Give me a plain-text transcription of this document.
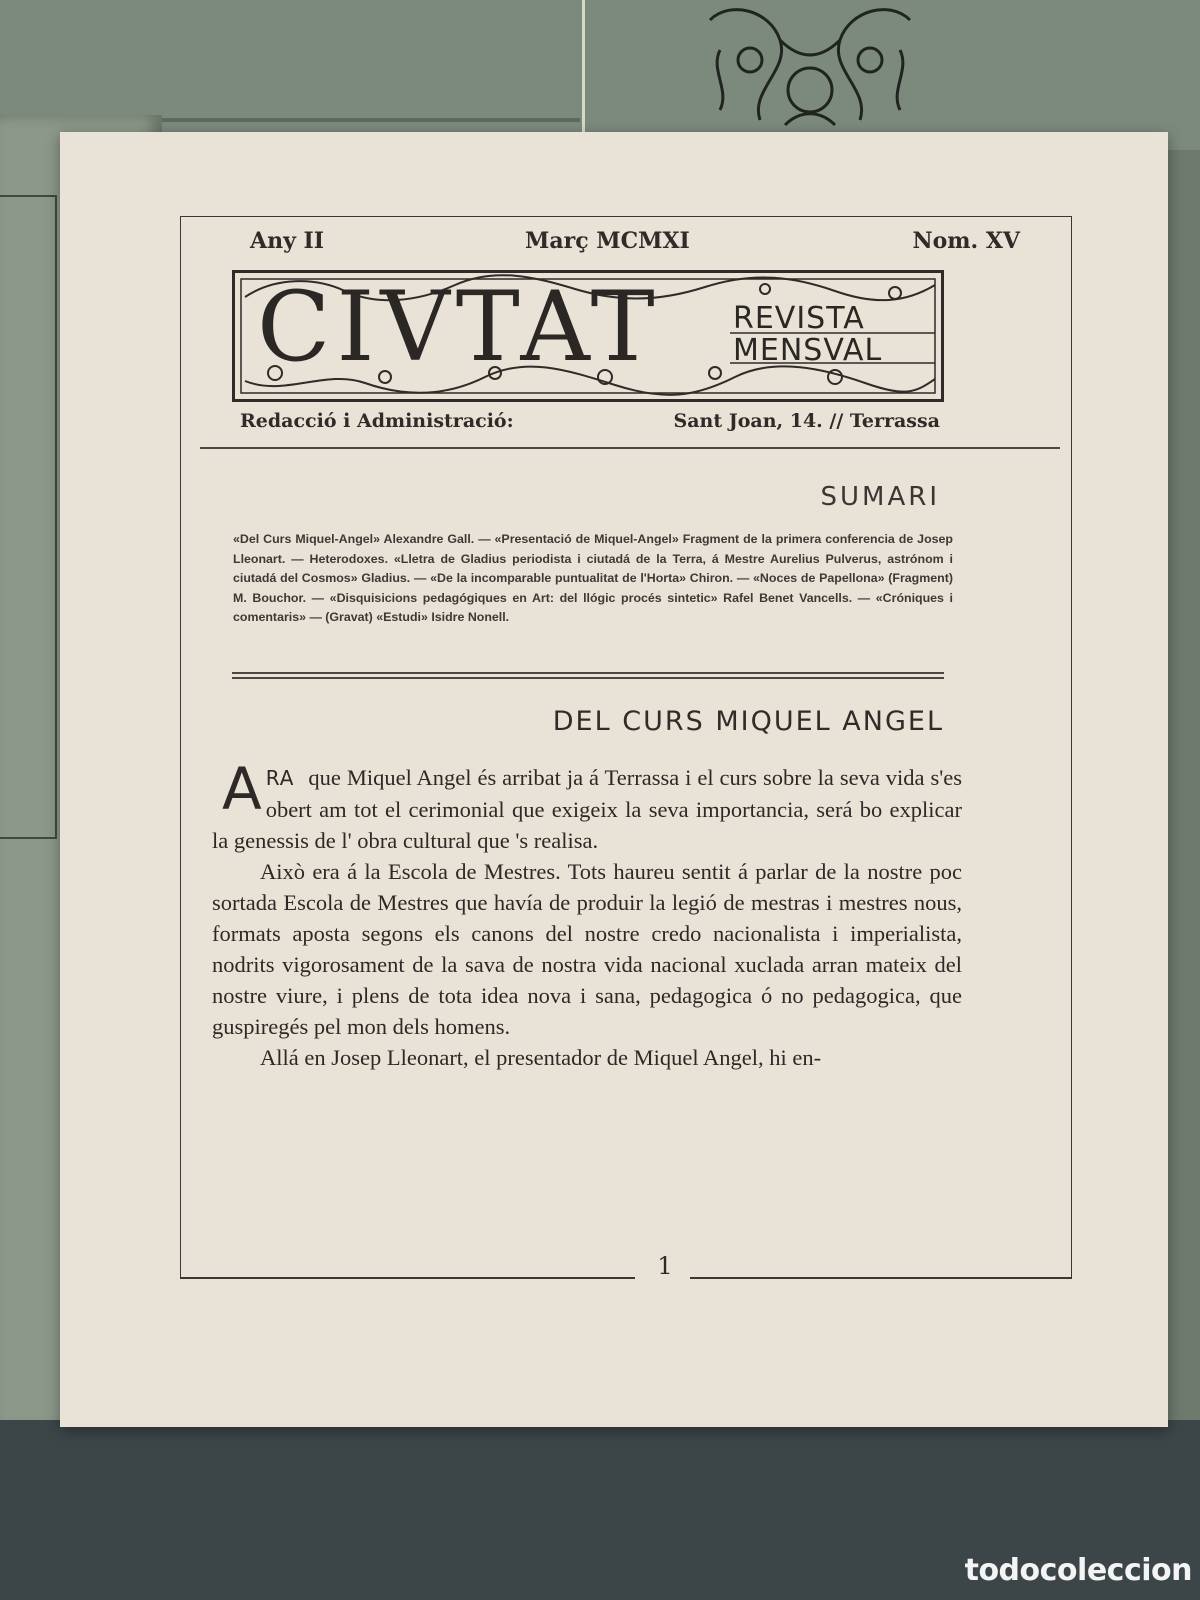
Any II	Març MCMXI	Nom. XV
CIVTAT REVISTA
MENSVAL
Redacció i Administració:	Sant Joan, 14. // Terrassa
SUMARI
«Del Curs Miquel-Angel» Alexandre Gall. — «Presentació de Miquel-Angel» Fragment de la primera conferencia de Josep Lleonart. — Heterodoxes. «Lletra de Gladius periodista i ciutadá de la Terra, á Mestre Aurelius Pulverus, astrónom i ciutadá del Cosmos» Gladius. — «De la incomparable puntualitat de l'Horta» Chiron. — «Noces de Papellona» (Fragment) M. Bouchor. — «Disquisicions pedagógiques en Art: del llógic procés sintetic» Rafel Benet Vancells. — «Cróniques i comentaris» — (Gravat) «Estudi» Isidre Nonell.
DEL CURS MIQUEL ANGEL

A RA que Miquel Angel és arribat ja á Terrassa i el curs sobre la seva vida s'es obert am tot el cerimonial que exigeix la seva importancia, será bo explicar la genessis de l' obra cultural que 's realisa.

Això era á la Escola de Mestres. Tots haureu sentit á parlar de la nostre poc sortada Escola de Mestres que havía de produir la legió de mestras i mestres nous, formats aposta segons els canons del nostre credo nacionalista i imperialista, nodrits vigorosament de la sava de nostra vida nacional xuclada arran mateix del nostre viure, i plens de tota idea nova i sana, pedagogica ó no pedagogica, que guspiregés pel mon dels homens.

Allá en Josep Lleonart, el presentador de Miquel Angel, hi en-

1
todocoleccion
